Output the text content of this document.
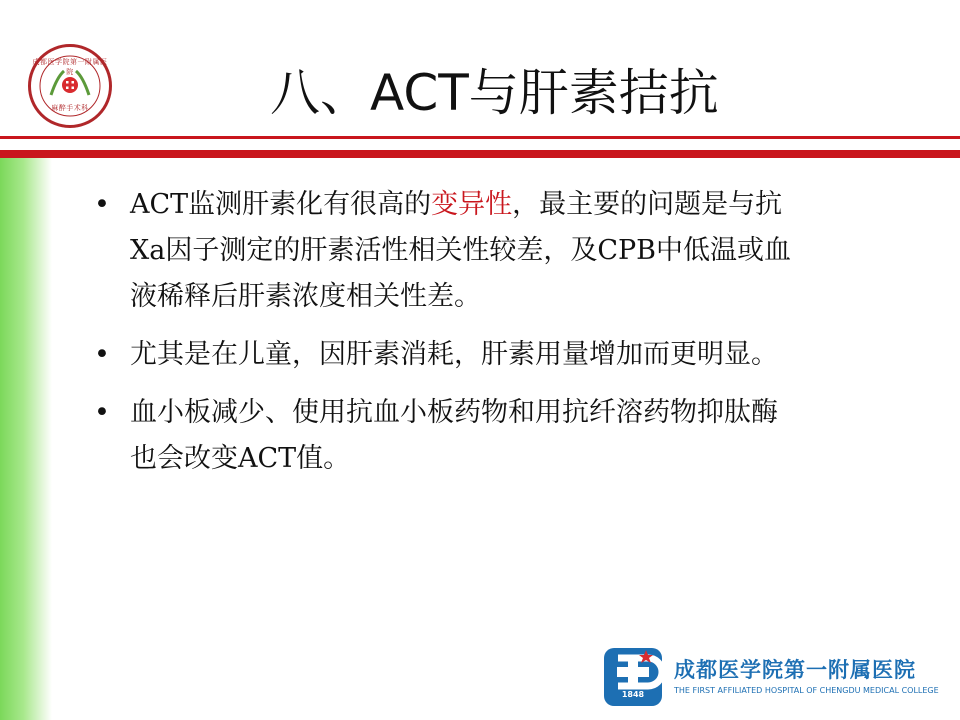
成都医学院第一附属医院
麻醉手术科	八、ACT与肝素拮抗
• ACT监测肝素化有很高的变异性，最主要的问题是与抗
Xa因子测定的肝素活性相关性较差，及CPB中低温或血
液稀释后肝素浓度相关性差。
• 尤其是在儿童，因肝素消耗，肝素用量增加而更明显。
• 血小板减少、使用抗血小板药物和用抗纤溶药物抑肽酶
也会改变ACT值。
1848
成都医学院第一附属医院
THE FIRST AFFILIATED HOSPITAL OF CHENGDU MEDICAL COLLEGE
